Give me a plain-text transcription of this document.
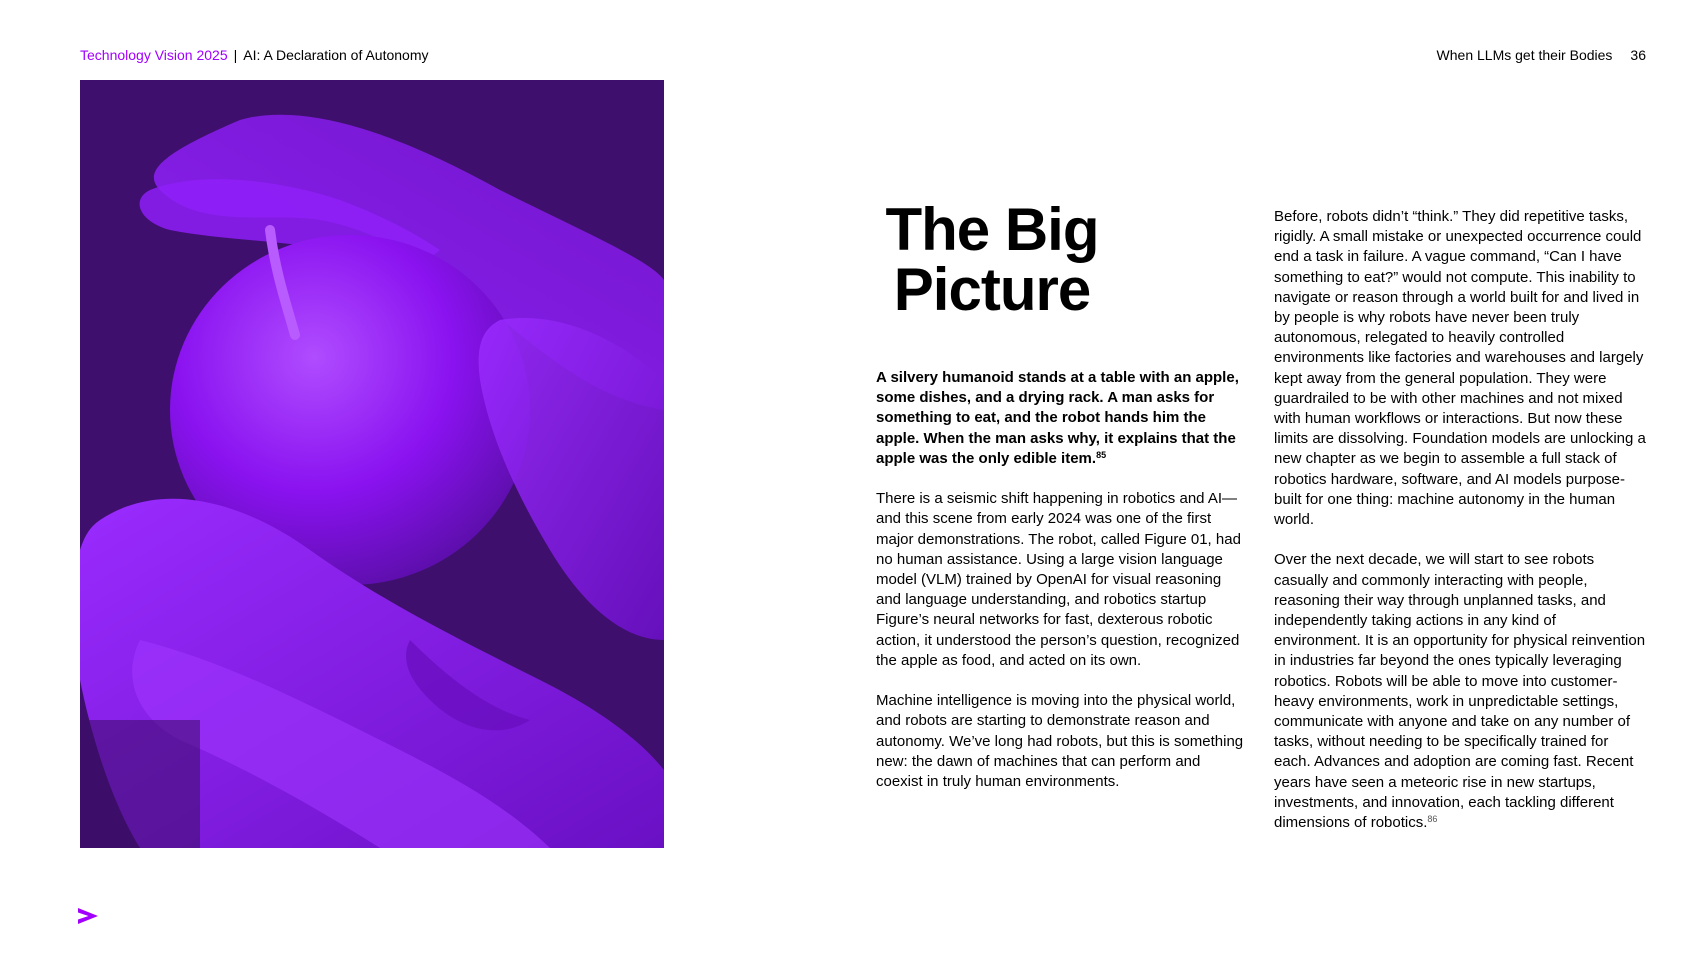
Technology Vision 2025 | AI: A Declaration of Autonomy	When LLMs get their Bodies 36
The Big
Picture

A silvery humanoid stands at a table with an apple, some dishes, and a drying rack. A man asks for something to eat, and the robot hands him the apple. When the man asks why, it explains that the apple was the only edible item.$^{85}$

There is a seismic shift happening in robotics and AI—and this scene from early 2024 was one of the first major demonstrations. The robot, called Figure 01, had no human assistance. Using a large vision language model (VLM) trained by OpenAI for visual reasoning and language understanding, and robotics startup Figure’s neural networks for fast, dexterous robotic action, it understood the person’s question, recognized the apple as food, and acted on its own.

Machine intelligence is moving into the physical world, and robots are starting to demonstrate reason and autonomy. We’ve long had robots, but this is something new: the dawn of machines that can perform and coexist in truly human environments.

Before, robots didn’t “think.” They did repetitive tasks, rigidly. A small mistake or unexpected occurrence could end a task in failure. A vague command, “Can I have something to eat?” would not compute. This inability to navigate or reason through a world built for and lived in by people is why robots have never been truly autonomous, relegated to heavily controlled environments like factories and warehouses and largely kept away from the general population. They were guardrailed to be with other machines and not mixed with human workflows or interactions. But now these limits are dissolving. Foundation models are unlocking a new chapter as we begin to assemble a full stack of robotics hardware, software, and AI models purpose-built for one thing: machine autonomy in the human world.

Over the next decade, we will start to see robots casually and commonly interacting with people, reasoning their way through unplanned tasks, and independently taking actions in any kind of environment. It is an opportunity for physical reinvention in industries far beyond the ones typically leveraging robotics. Robots will be able to move into customer-heavy environments, work in unpredictable settings, communicate with anyone and take on any number of tasks, without needing to be specifically trained for each. Advances and adoption are coming fast. Recent years have seen a meteoric rise in new startups, investments, and innovation, each tackling different dimensions of robotics.$^{86}$
